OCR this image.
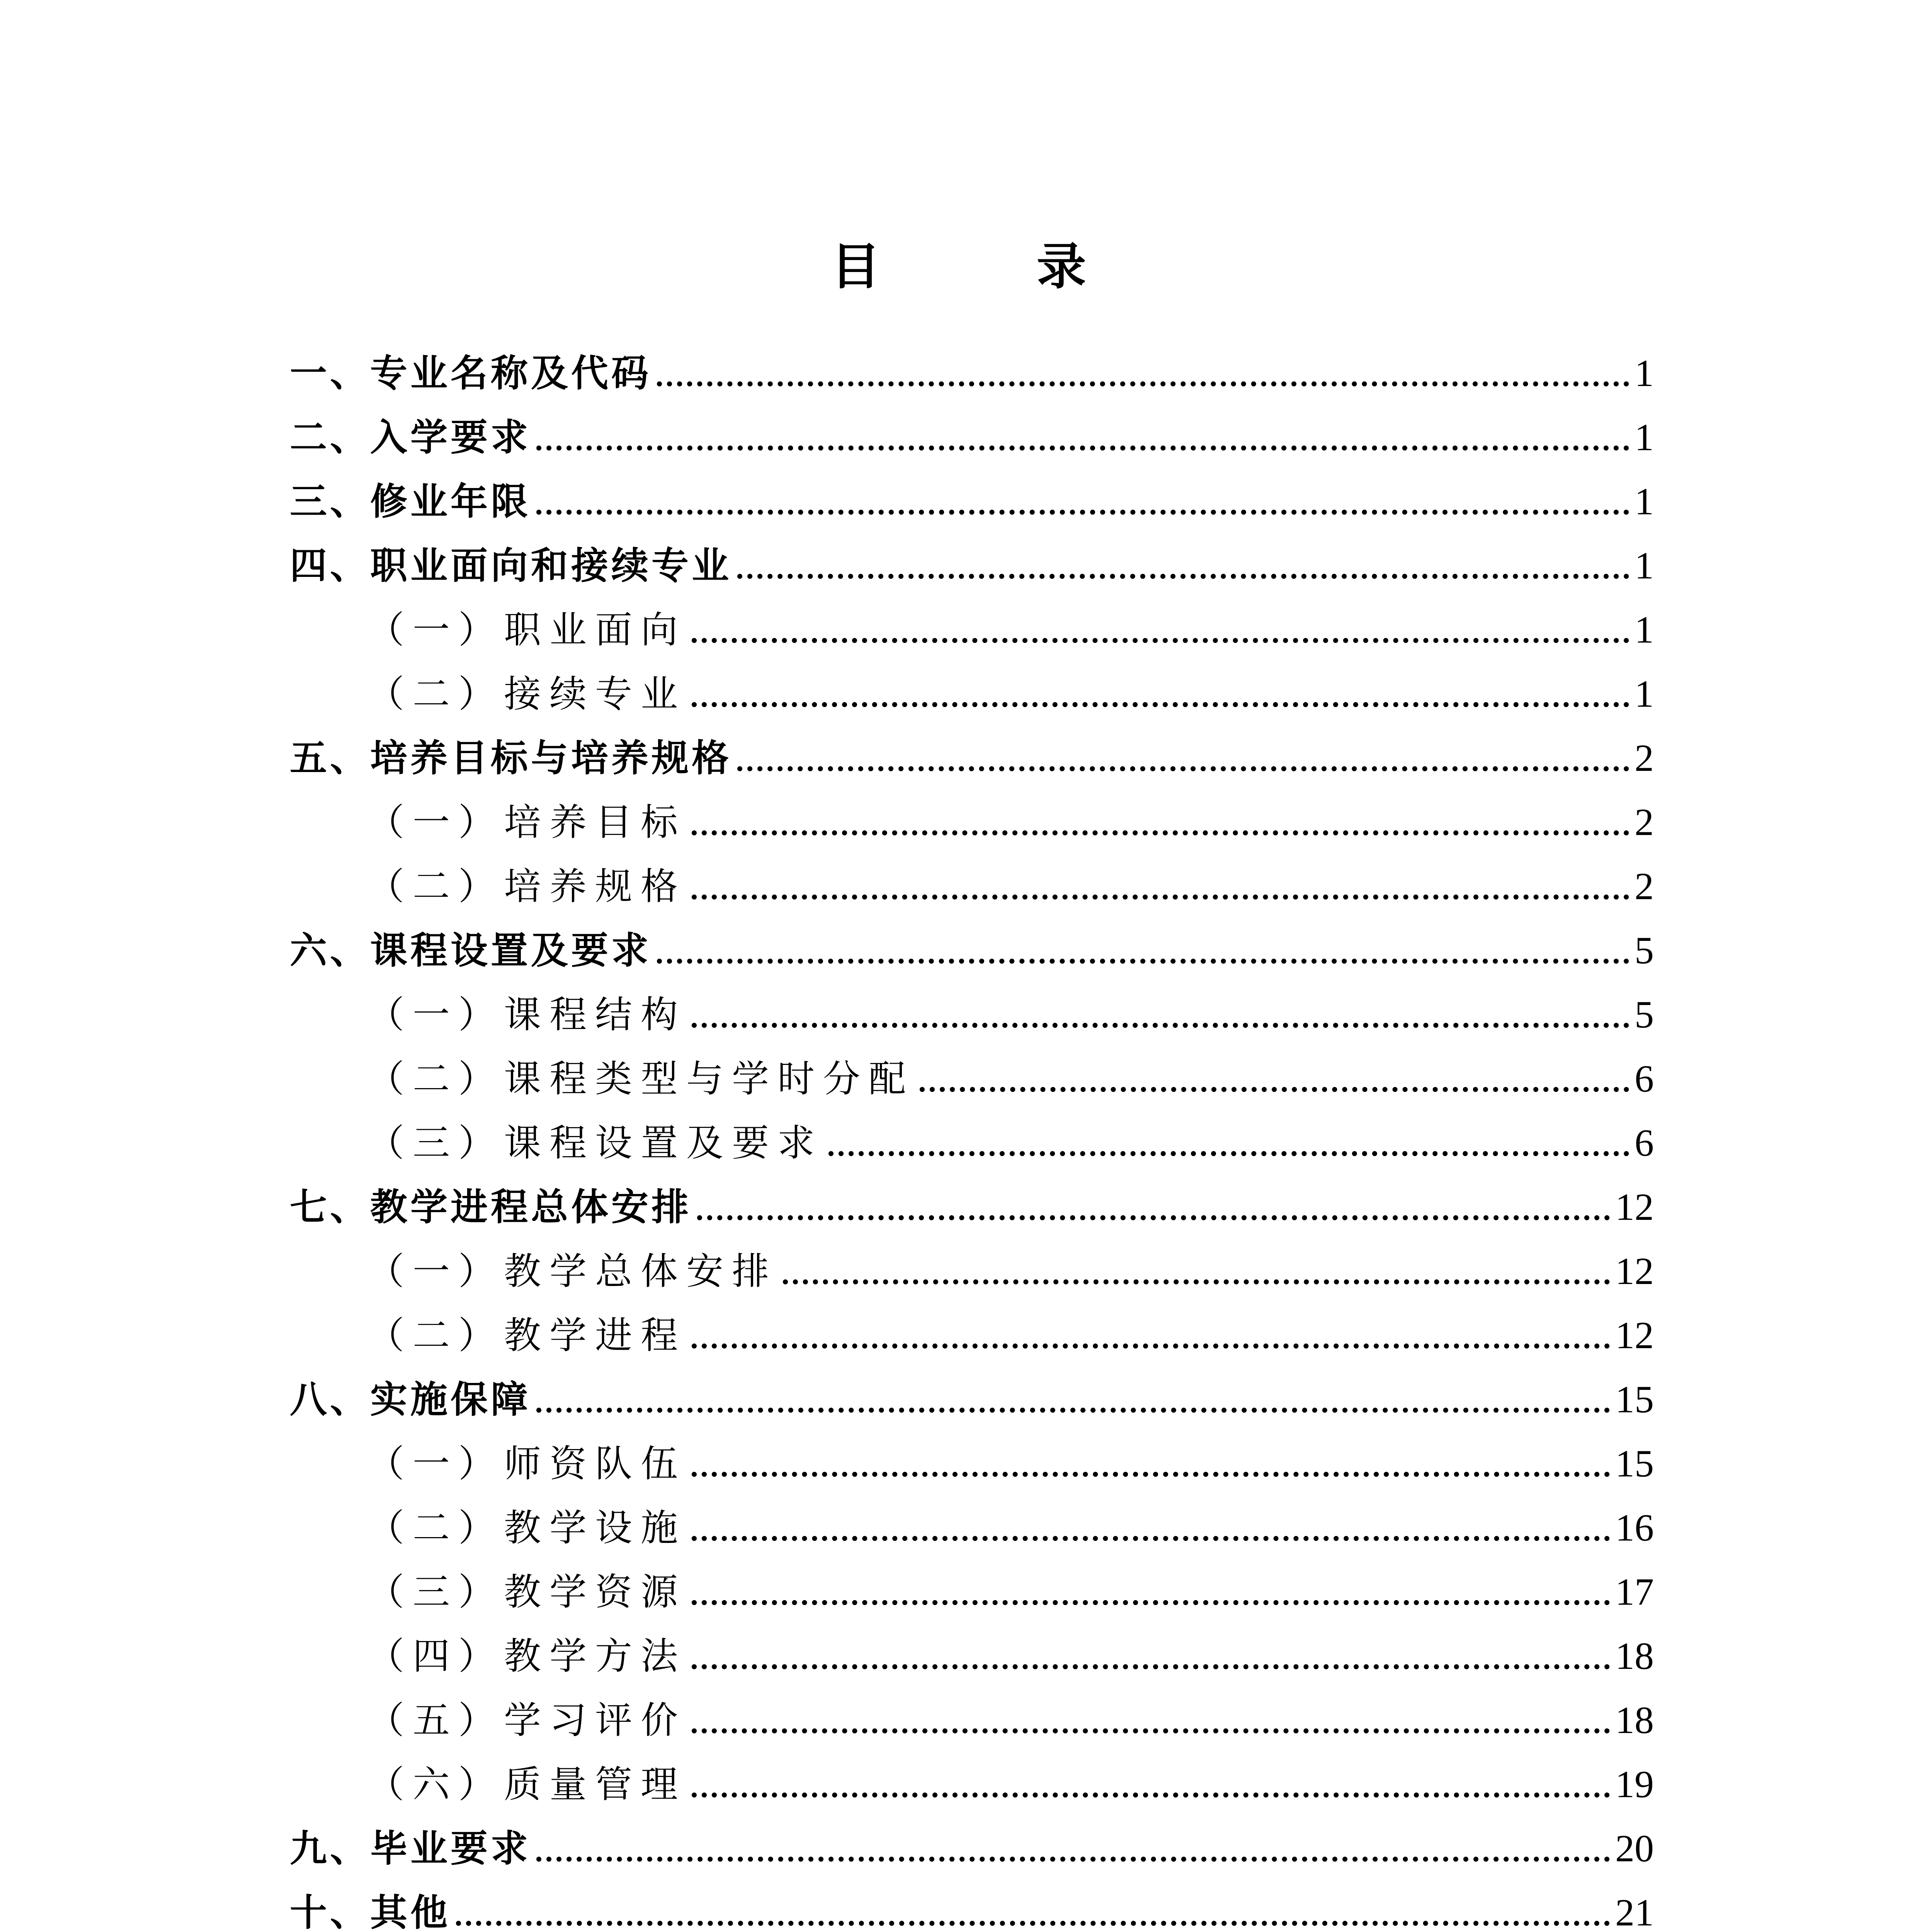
目 录
一、专业名称及代码	1
二、入学要求	1
三、修业年限	1
四、职业面向和接续专业	1
（一）职业面向	1
（二）接续专业	1
五、培养目标与培养规格	2
（一）培养目标	2
（二）培养规格	2
六、课程设置及要求	5
（一）课程结构	5
（二）课程类型与学时分配	6
（三）课程设置及要求	6
七、教学进程总体安排	12
（一）教学总体安排	12
（二）教学进程	12
八、实施保障	15
（一）师资队伍	15
（二）教学设施	16
（三）教学资源	17
（四）教学方法	18
（五）学习评价	18
（六）质量管理	19
九、毕业要求	20
十、其他	21
